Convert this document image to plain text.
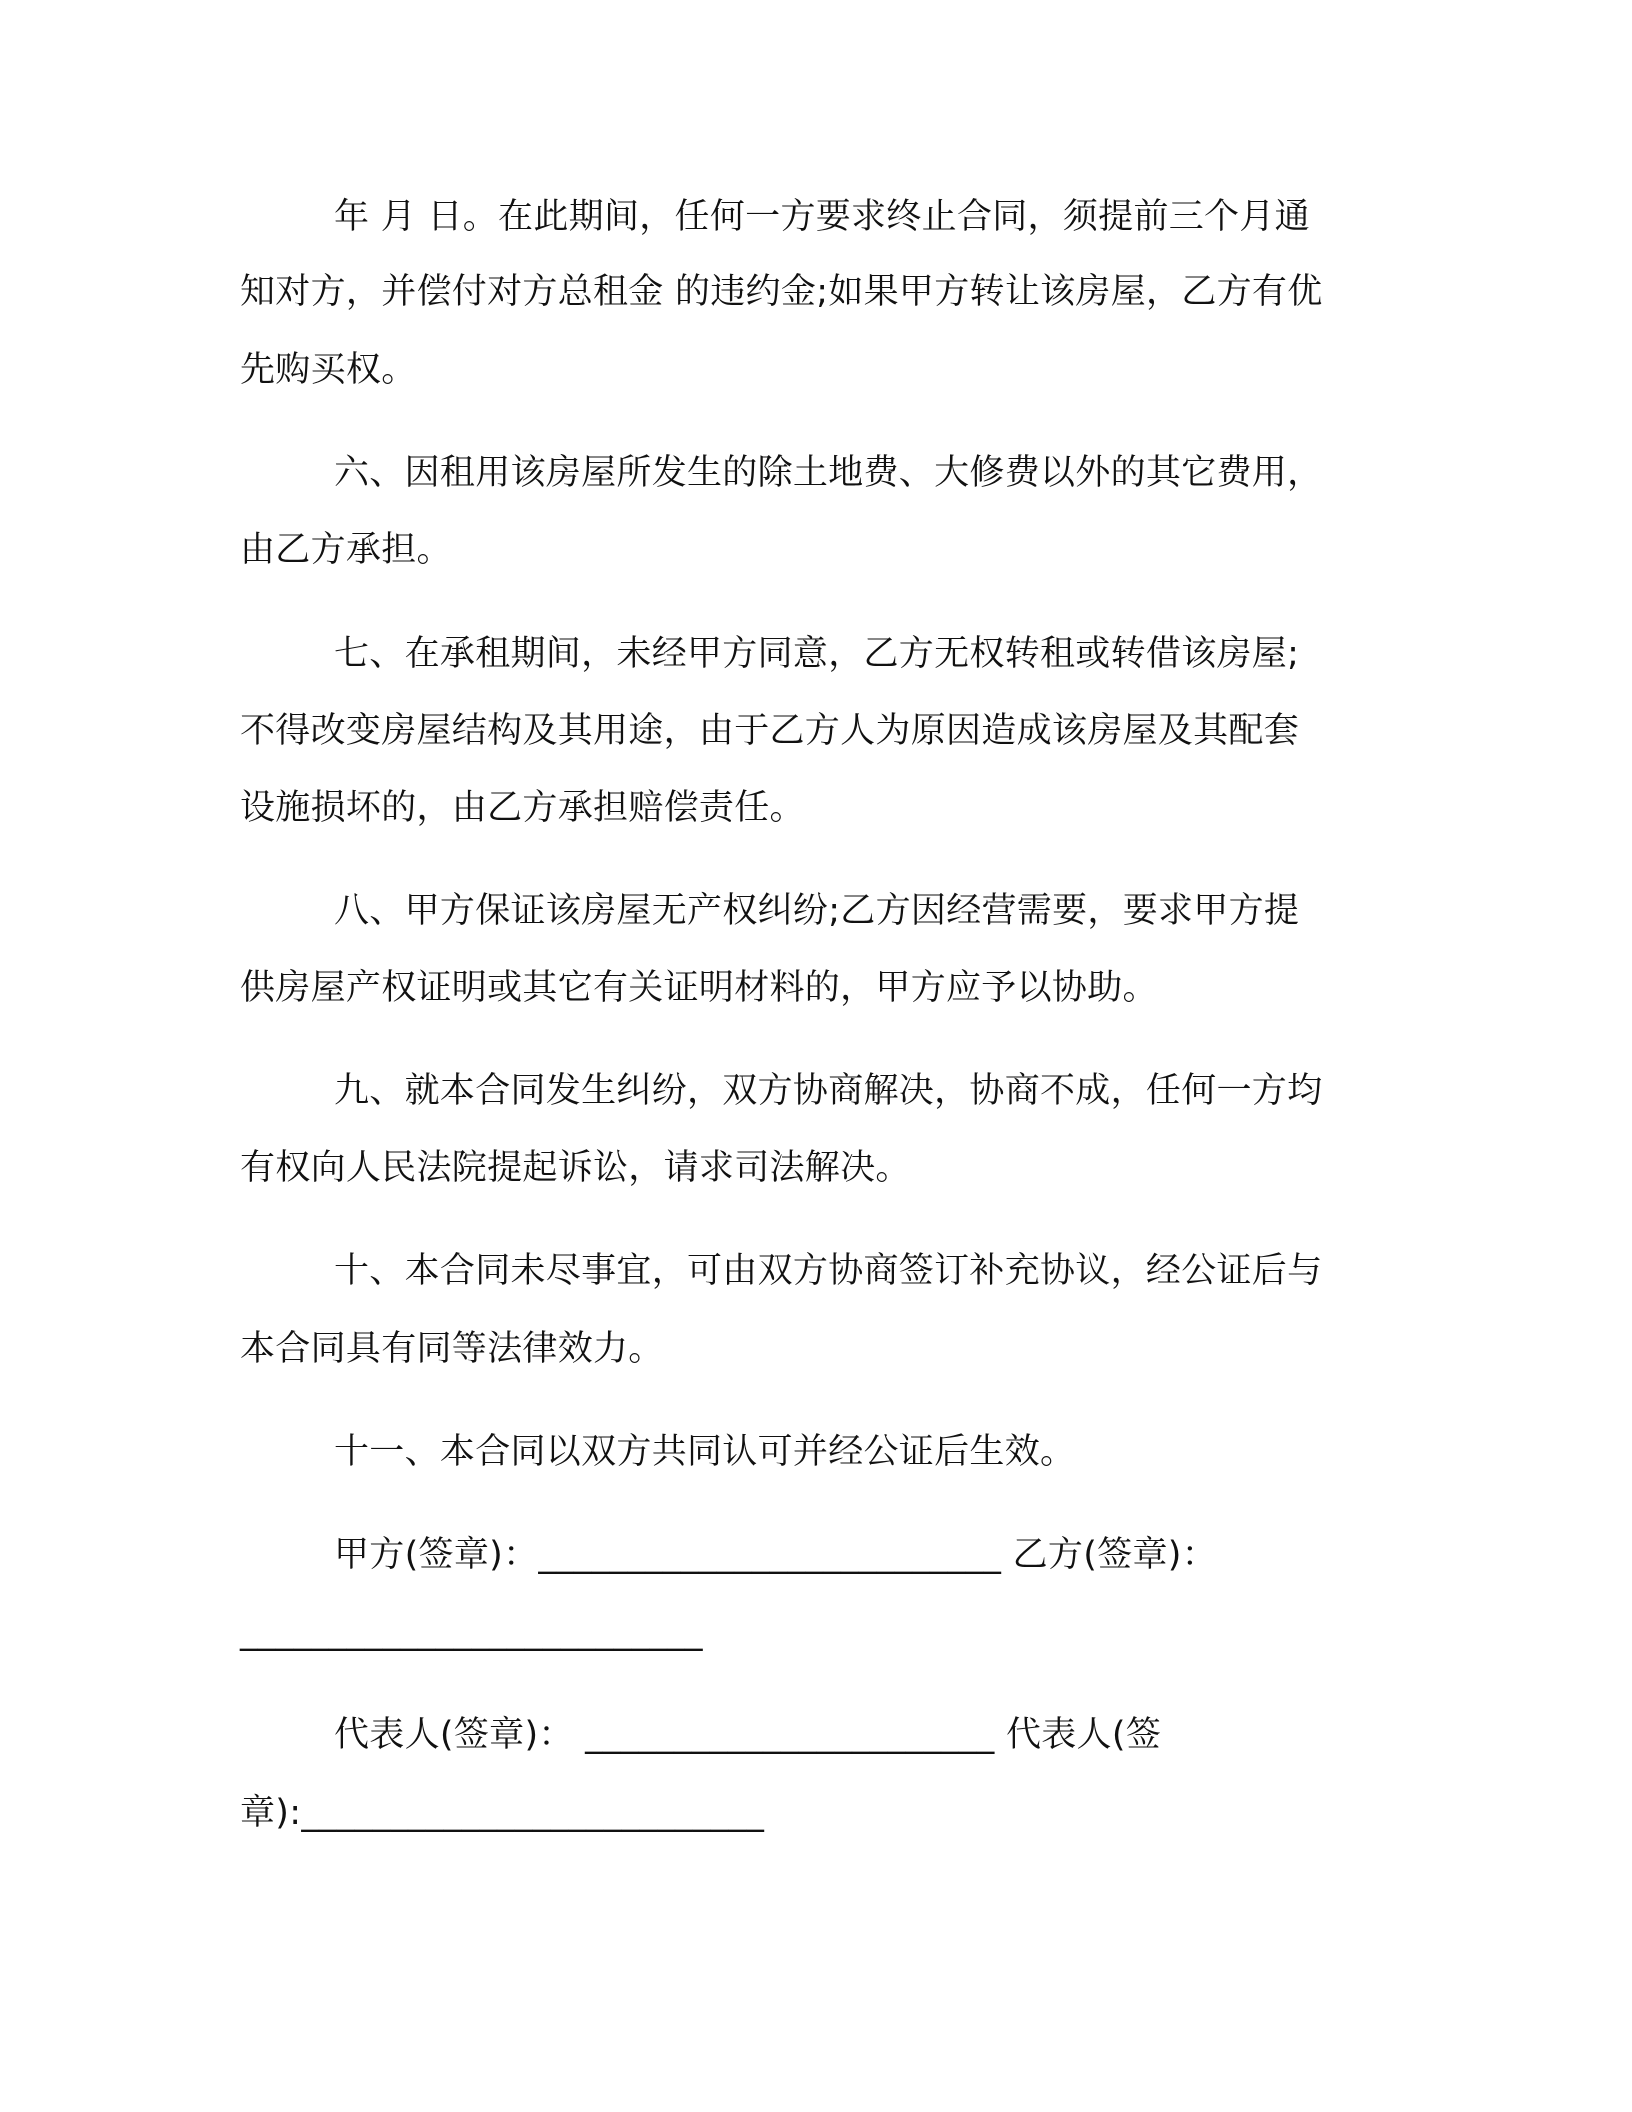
年 月 日。在此期间，任何一方要求终止合同，须提前三个月通
知对方，并偿付对方总租金 的违约金;如果甲方转让该房屋，乙方有优
先购买权。
六、因租用该房屋所发生的除土地费、大修费以外的其它费用，
由乙方承担。
七、在承租期间，未经甲方同意，乙方无权转租或转借该房屋;
不得改变房屋结构及其用途，由于乙方人为原因造成该房屋及其配套
设施损坏的，由乙方承担赔偿责任。
八、甲方保证该房屋无产权纠纷;乙方因经营需要，要求甲方提
供房屋产权证明或其它有关证明材料的，甲方应予以协助。
九、就本合同发生纠纷，双方协商解决，协商不成，任何一方均
有权向人民法院提起诉讼，请求司法解决。
十、本合同未尽事宜，可由双方协商签订补充协议，经公证后与
本合同具有同等法律效力。
十一、本合同以双方共同认可并经公证后生效。
甲方(签章)：__________________________ 乙方(签章)：
__________________________
代表人(签章)： _______________________ 代表人(签
章):__________________________
